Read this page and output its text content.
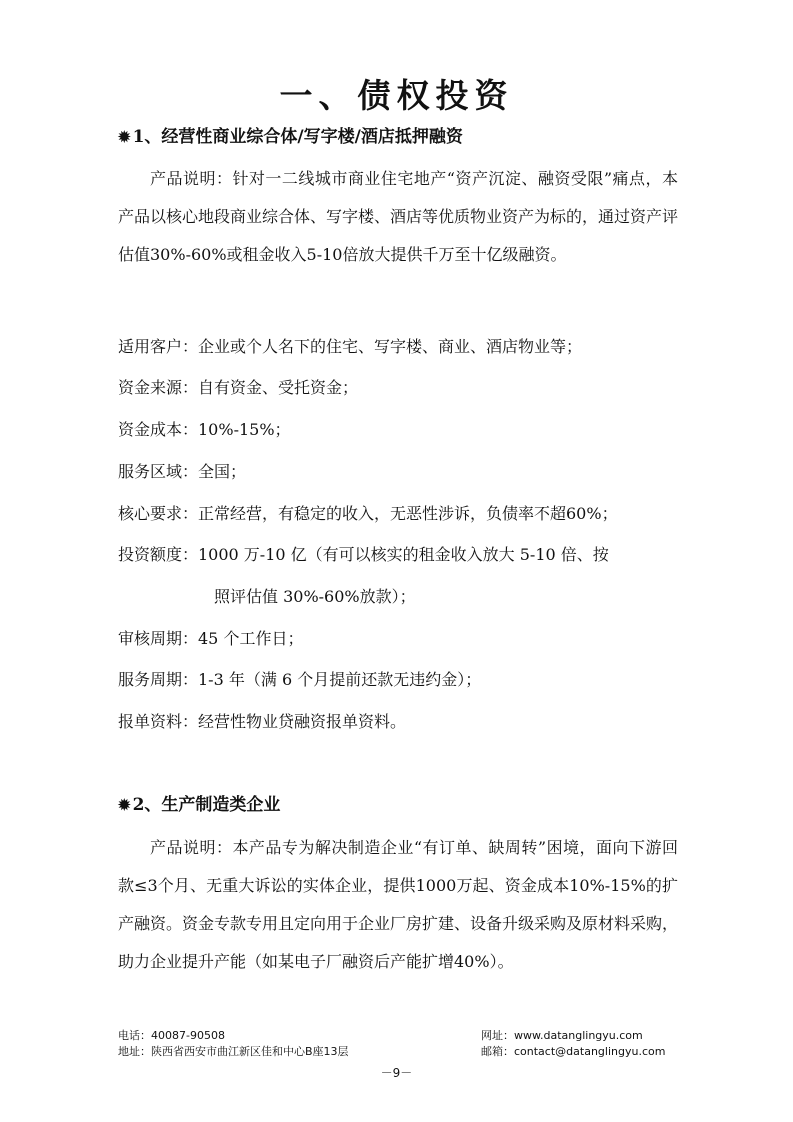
一、债权投资
✹ 1、经营性商业综合体/写字楼/酒店抵押融资
产品说明：针对一二线城市商业住宅地产“资产沉淀、融资受限”痛点，本产品以核心地段商业综合体、写字楼、酒店等优质物业资产为标的，通过资产评估值30%-60%或租金收入5-10倍放大提供千万至十亿级融资。
适用客户：企业或个人名下的住宅、写字楼、商业、酒店物业等；
资金来源：自有资金、受托资金；
资金成本：10%-15%；
服务区域：全国；
核心要求：正常经营，有稳定的收入，无恶性涉诉，负债率不超60%；
投资额度：1000 万-10 亿（有可以核实的租金收入放大 5-10 倍、按
照评估值 30%-60%放款）；
审核周期：45 个工作日；
服务周期：1-3 年（满 6 个月提前还款无违约金）；
报单资料：经营性物业贷融资报单资料。
✹ 2、生产制造类企业
产品说明：本产品专为解决制造企业“有订单、缺周转”困境，面向下游回款≤3个月、无重大诉讼的实体企业，提供1000万起、资金成本10%-15%的扩产融资。资金专款专用且定向用于企业厂房扩建、设备升级采购及原材料采购，助力企业提升产能（如某电子厂融资后产能扩增40%）。
电话：40087-90508
地址：陕西省西安市曲江新区佳和中心B座13层
网址：www.datanglingyu.com
邮箱：contact@datanglingyu.com
－9－
